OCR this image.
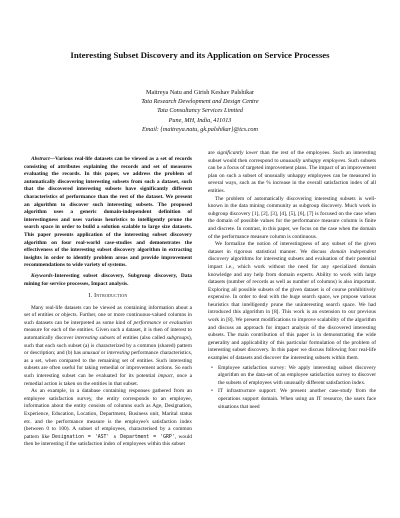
Interesting Subset Discovery and its Application on Service Processes
Maitreya Natu and Girish Keshav Palshikar
Tata Research Development and Design Centre
Tata Consultancy Services Limited
Pune, MH, India, 411013
Email: {maitreya.natu, gk.palshikar}@tcs.com

Abstract—Various real-life datasets can be viewed as a set of records consisting of attributes explaining the records and set of measures evaluating the records. In this paper, we address the problem of automatically discovering interesting subsets from such a dataset, such that the discovered interesting subsets have significantly different characteristics of performance than the rest of the dataset. We present an algorithm to discover such interesting subsets. The proposed algorithm uses a generic domain-independent definition of interestingness and uses various heuristics to intelligently prune the search space in order to build a solution scalable to large size datasets. This paper presents application of the interesting subset discovery algorithm on four real-world case-studies and demonstrates the effectiveness of the interesting subset discovery algorithm in extracting insights in order to identify problem areas and provide improvement recommendations to wide variety of systems.

Keywords-Interesting subset discovery, Subgroup discovery, Data mining for service processes, Impact analysis.

I. Introduction

Many real-life datasets can be viewed as containing information about a set of entities or objects. Further, one or more continuous-valued columns in such datasets can be interpreted as some kind of performance or evaluation measure for each of the entities. Given such a dataset, it is then of interest to automatically discover interesting subsets of entities (also called subgroups), such that each such subset (a) is characterized by a common (shared) pattern or description; and (b) has unusual or interesting performance characteristics, as a set, when compared to the remaining set of entities. Such interesting subsets are often useful for taking remedial or improvement actions. So each such interesting subset can be evaluated for its potential impact, once a remedial action is taken on the entities in that subset.

As an example, in a database containing responses gathered from an employee satisfaction survey, the entity corresponds to an employee, information about the entity consists of columns such as Age, Designation, Experience, Education, Location, Department, Business unit, Marital status etc. and the performance measure is the employee's satisfaction index (between 0 to 100). A subset of employees, characterised by a common pattern like Designation = 'AST' ∧ Department = 'GRP', would then be interesting if the satisfaction index of employees within this subset

are significantly lower than the rest of the employees. Such an interesting subset would then correspond to unusually unhappy employees. Such subsets can be a focus of targeted improvement plans. The impact of an improvement plan on such a subset of unusually unhappy employees can be measured in several ways, such as the % increase in the overall satisfaction index of all entities.

The problem of automatically discovering interesting subsets is well-known in the data mining community as subgroup discovery. Much work in subgroup discovery [1], [2], [3], [4], [5], [6], [7] is focused on the case when the domain of possible values for the performance measure column is finite and discrete. In contrast, in this paper, we focus on the case when the domain of the performance measure column is continuous.

We formalize the notion of interestingness of any subset of the given dataset in rigorous statistical manner. We discuss domain independent discovery algorithms for interesting subsets and evaluation of their potential impact i.e., which work without the need for any specialized domain knowledge and any help from domain experts. Ability to work with large datasets (number of records as well as number of columns) is also important. Exploring all possible subsets of the given dataset is of course prohibitively expensive. In order to deal with the huge search space, we propose various heuristics that intelligently prune the uninteresting search space. We had introduced this algorithm in [8]. This work is an extension to our previous work in [8]. We present modifications to improve scalability of the algorithm and discuss an approach for impact analysis of the discovered interesting subsets. The main contribution of this paper is in demonstrating the wide generality and applicability of this particular formulation of the problem of interesting subset discovery. In this paper we discuss following four real-life examples of datasets and discover the interesting subsets within them.

• Employee satisfaction survey: We apply interesting subset discovery algorithm on the data-set of an employee satisfaction survey to discover the subsets of employees with unusually different satisfaction index.
• IT infrastructure support: We present another case-study from the operations support domain. When using an IT resource, the users face situations that need
